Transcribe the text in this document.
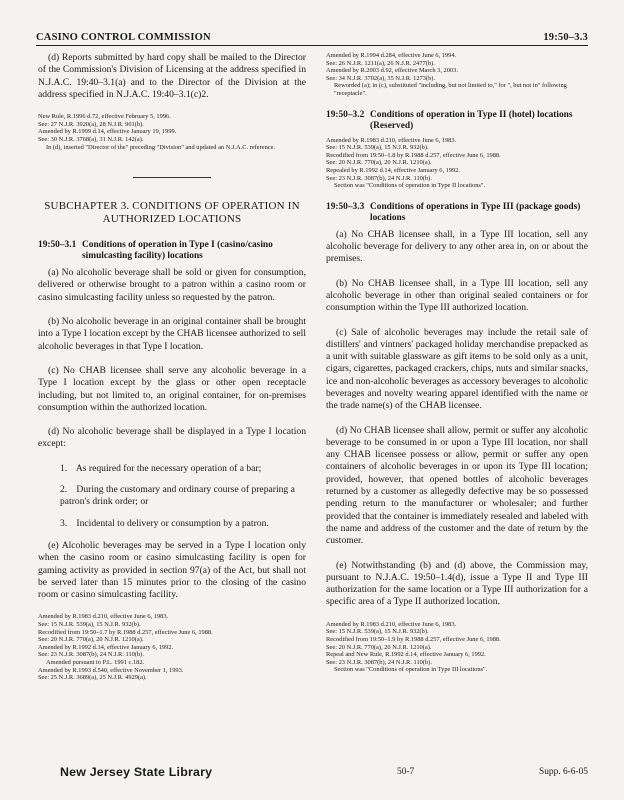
CASINO CONTROL COMMISSION	19:50–3.3

(d) Reports submitted by hard copy shall be mailed to the Director of the Commission's Division of Licensing at the address specified in N.J.A.C. 19:40–3.1(a) and to the Director of the Division at the address specified in N.J.A.C. 19:40–3.1(c)2.

New Rule, R.1996 d.72, effective February 5, 1996.
See: 27 N.J.R. 3920(a), 28 N.J.R. 901(b).
Amended by R.1999 d.14, effective January 19, 1999.
See: 30 N.J.R. 3768(a), 31 N.J.R. 142(a).
In (d), inserted "Director of the" preceding "Division" and updated an N.J.A.C. reference.
SUBCHAPTER 3. CONDITIONS OF OPERATION IN AUTHORIZED LOCATIONS
19:50–3.1 Conditions of operation in Type I (casino/casino simulcasting facility) locations

(a) No alcoholic beverage shall be sold or given for consumption, delivered or otherwise brought to a patron within a casino room or casino simulcasting facility unless so requested by the patron.

(b) No alcoholic beverage in an original container shall be brought into a Type I location except by the CHAB licensee authorized to sell alcoholic beverages in that Type I location.

(c) No CHAB licensee shall serve any alcoholic beverage in a Type I location except by the glass or other open receptacle including, but not limited to, an original container, for on-premises consumption within the authorized location.

(d) No alcoholic beverage shall be displayed in a Type I location except:

1. As required for the necessary operation of a bar;
2. During the customary and ordinary course of preparing a patron's drink order; or
3. Incidental to delivery or consumption by a patron.

(e) Alcoholic beverages may be served in a Type I location only when the casino room or casino simulcasting facility is open for gaming activity as provided in section 97(a) of the Act, but shall not be served later than 15 minutes prior to the closing of the casino room or casino simulcasting facility.

Amended by R.1983 d.210, effective June 6, 1983.
See: 15 N.J.R. 539(a), 15 N.J.R. 932(b).
Recodified from 19:50–1.7 by R.1988 d.257, effective June 6, 1988.
See: 20 N.J.R. 770(a), 20 N.J.R. 1210(a).
Amended by R.1992 d.14, effective January 6, 1992.
See: 23 N.J.R. 3087(b), 24 N.J.R. 110(b).
Amended pursuant to P.L. 1991 c.182.
Amended by R.1993 d.540, effective November 1, 1993.
See: 25 N.J.R. 3689(a), 25 N.J.R. 4929(a).
Amended by R.1994 d.284, effective June 6, 1994.
See: 26 N.J.R. 1211(a), 26 N.J.R. 2477(b).
Amended by R.2003 d.92, effective March 3, 2003.
See: 34 N.J.R. 3702(a), 35 N.J.R. 1273(b).
Reworded (a); in (c), substituted "including, but not limited to," for ", but not in" following "receptacle".
19:50–3.2 Conditions of operation in Type II (hotel) locations (Reserved)
Amended by R.1983 d.210, effective June 6, 1983.
See: 15 N.J.R. 539(a), 15 N.J.R. 932(b).
Recodified from 19:50–1.8 by R.1988 d.257, effective June 6, 1988.
See: 20 N.J.R. 770(a), 20 N.J.R. 1210(a).
Repealed by R.1992 d.14, effective January 6, 1992.
See: 23 N.J.R. 3087(b), 24 N.J.R. 110(b).
Section was "Conditions of operation in Type II locations".
19:50–3.3 Conditions of operations in Type III (package goods) locations

(a) No CHAB licensee shall, in a Type III location, sell any alcoholic beverage for delivery to any other area in, on or about the premises.

(b) No CHAB licensee shall, in a Type III location, sell any alcoholic beverage in other than original sealed containers or for consumption within the Type III authorized location.

(c) Sale of alcoholic beverages may include the retail sale of distillers' and vintners' packaged holiday merchandise prepacked as a unit with suitable glassware as gift items to be sold only as a unit, cigars, cigarettes, packaged crackers, chips, nuts and similar snacks, ice and non-alcoholic beverages as accessory beverages to alcoholic beverages and novelty wearing apparel identified with the name or the trade name(s) of the CHAB licensee.

(d) No CHAB licensee shall allow, permit or suffer any alcoholic beverage to be consumed in or upon a Type III location, nor shall any CHAB licensee possess or allow, permit or suffer any open containers of alcoholic beverages in or upon its Type III location; provided, however, that opened bottles of alcoholic beverages returned by a customer as allegedly defective may be so possessed pending return to the manufacturer or wholesaler; and further provided that the container is immediately resealed and labeled with the name and address of the customer and the date of return by the customer.

(e) Notwithstanding (b) and (d) above, the Commission may, pursuant to N.J.A.C. 19:50–1.4(d), issue a Type II and Type III authorization for the same location or a Type III authorization for a specific area of a Type II authorized location.

Amended by R.1983 d.210, effective June 6, 1983.
See: 15 N.J.R. 539(a), 15 N.J.R. 932(b).
Recodified from 19:50–1.9 by R.1988 d.257, effective June 6, 1988.
See: 20 N.J.R. 770(a), 20 N.J.R. 1210(a).
Repeal and New Rule, R.1992 d.14, effective January 6, 1992.
See: 23 N.J.R. 3087(b), 24 N.J.R. 110(b).
Section was "Conditions of operation in Type III locations".
New Jersey State Library	50-7	Supp. 6-6-05
